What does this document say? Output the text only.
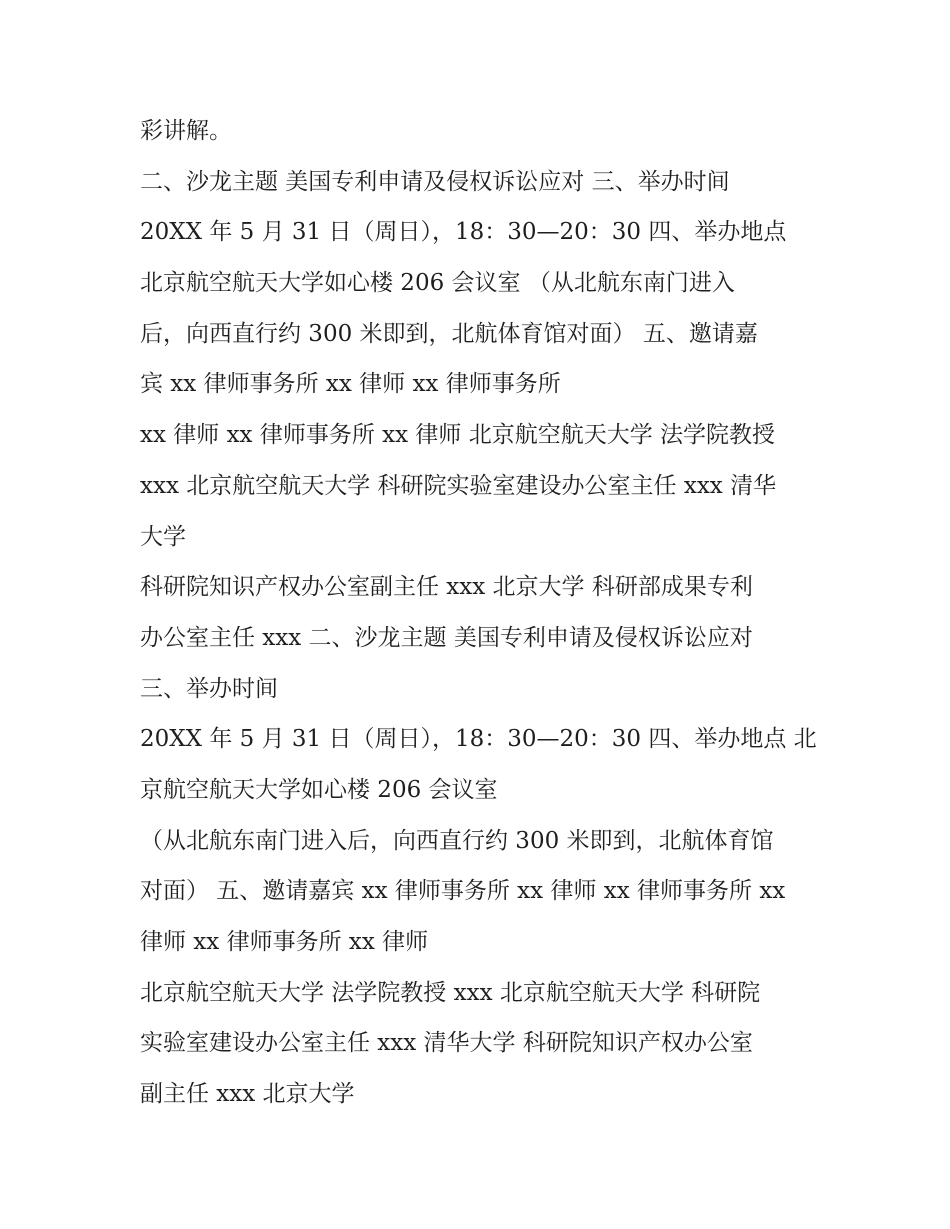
彩讲解。
二、沙龙主题 美国专利申请及侵权诉讼应对 三、举办时间
20XX 年 5 月 31 日（周日），18：30—20：30 四、举办地点
北京航空航天大学如心楼 206 会议室 （从北航东南门进入
后，向西直行约 300 米即到，北航体育馆对面） 五、邀请嘉
宾 xx 律师事务所 xx 律师 xx 律师事务所
xx 律师 xx 律师事务所 xx 律师 北京航空航天大学 法学院教授
xxx 北京航空航天大学 科研院实验室建设办公室主任 xxx 清华
大学
科研院知识产权办公室副主任 xxx 北京大学 科研部成果专利
办公室主任 xxx 二、沙龙主题 美国专利申请及侵权诉讼应对
三、举办时间
20XX 年 5 月 31 日（周日），18：30—20：30 四、举办地点 北
京航空航天大学如心楼 206 会议室
（从北航东南门进入后，向西直行约 300 米即到，北航体育馆
对面） 五、邀请嘉宾 xx 律师事务所 xx 律师 xx 律师事务所 xx
律师 xx 律师事务所 xx 律师
北京航空航天大学 法学院教授 xxx 北京航空航天大学 科研院
实验室建设办公室主任 xxx 清华大学 科研院知识产权办公室
副主任 xxx 北京大学
